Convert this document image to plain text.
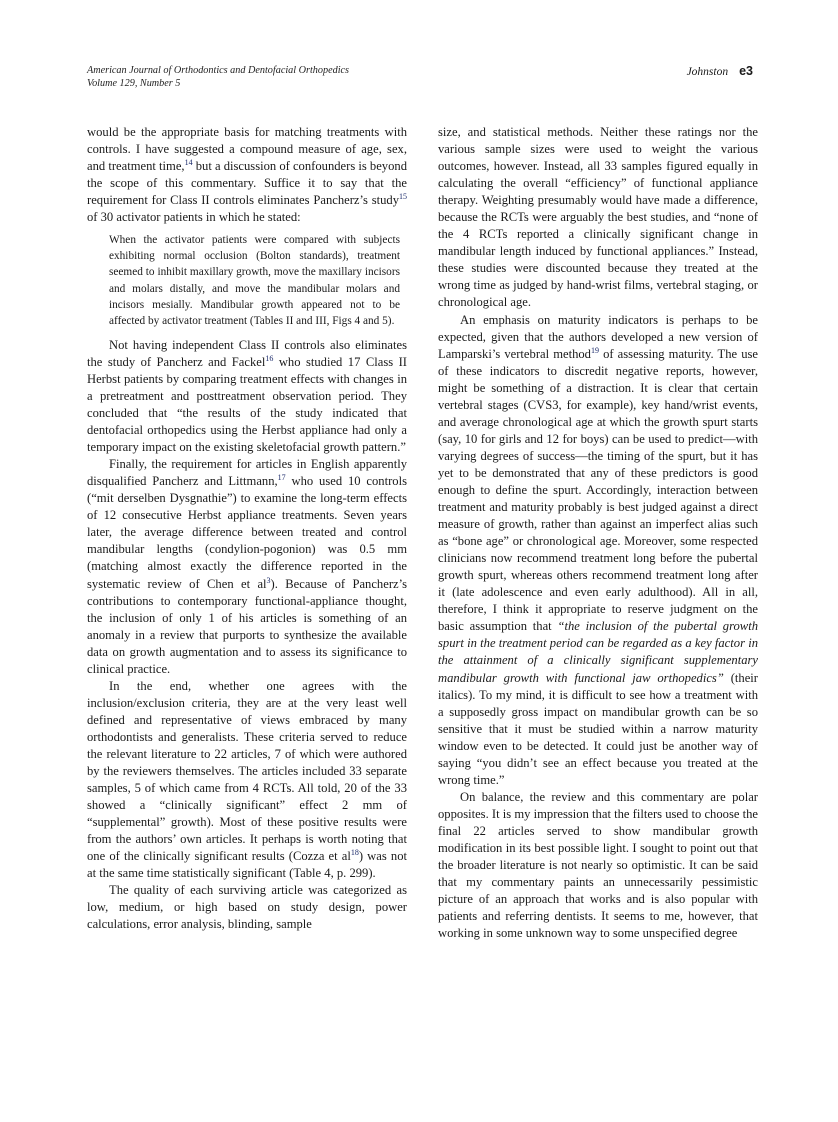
American Journal of Orthodontics and Dentofacial Orthopedics
Volume 129, Number 5
Johnston e3

would be the appropriate basis for matching treatments with controls. I have suggested a compound measure of age, sex, and treatment time,$^{14}$ but a discussion of confounders is beyond the scope of this commentary. Suffice it to say that the requirement for Class II controls eliminates Pancherz’s study$^{15}$ of 30 activator patients in which he stated:

When the activator patients were compared with subjects exhibiting normal occlusion (Bolton standards), treatment seemed to inhibit maxillary growth, move the maxillary incisors and molars distally, and move the mandibular molars and incisors mesially. Mandibular growth appeared not to be affected by activator treatment (Tables II and III, Figs 4 and 5).

Not having independent Class II controls also eliminates the study of Pancherz and Fackel$^{16}$ who studied 17 Class II Herbst patients by comparing treatment effects with changes in a pretreatment and posttreatment observation period. They concluded that “the results of the study indicated that dentofacial orthopedics using the Herbst appliance had only a temporary impact on the existing skeletofacial growth pattern.”

Finally, the requirement for articles in English apparently disqualified Pancherz and Littmann,$^{17}$ who used 10 controls (“mit derselben Dysgnathie”) to examine the long-term effects of 12 consecutive Herbst appliance treatments. Seven years later, the average difference between treated and control mandibular lengths (condylion-pogonion) was 0.5 mm (matching almost exactly the difference reported in the systematic review of Chen et $al^3$). Because of Pancherz’s contributions to contemporary functional-appliance thought, the inclusion of only 1 of his articles is something of an anomaly in a review that purports to synthesize the available data on growth augmentation and to assess its significance to clinical practice.

In the end, whether one agrees with the inclusion/exclusion criteria, they are at the very least well defined and representative of views embraced by many orthodontists and generalists. These criteria served to reduce the relevant literature to 22 articles, 7 of which were authored by the reviewers themselves. The articles included 33 separate samples, 5 of which came from 4 RCTs. All told, 20 of the 33 showed a “clinically significant” effect 2 mm of “supplemental” growth). Most of these positive results were from the authors’ own articles. It perhaps is worth noting that one of the clinically significant results (Cozza et $al^{18}$) was not at the same time statistically significant (Table 4, p. 299).

The quality of each surviving article was categorized as low, medium, or high based on study design, power calculations, error analysis, blinding, sample

size, and statistical methods. Neither these ratings nor the various sample sizes were used to weight the various outcomes, however. Instead, all 33 samples figured equally in calculating the overall “efficiency” of functional appliance therapy. Weighting presumably would have made a difference, because the RCTs were arguably the best studies, and “none of the 4 RCTs reported a clinically significant change in mandibular length induced by functional appliances.” Instead, these studies were discounted because they treated at the wrong time as judged by hand-wrist films, vertebral staging, or chronological age.

An emphasis on maturity indicators is perhaps to be expected, given that the authors developed a new version of Lamparski’s vertebral method$^{19}$ of assessing maturity. The use of these indicators to discredit negative reports, however, might be something of a distraction. It is clear that certain vertebral stages (CVS3, for example), key hand/wrist events, and average chronological age at which the growth spurt starts (say, 10 for girls and 12 for boys) can be used to predict—with varying degrees of success—the timing of the spurt, but it has yet to be demonstrated that any of these predictors is good enough to define the spurt. Accordingly, interaction between treatment and maturity probably is best judged against a direct measure of growth, rather than against an imperfect alias such as “bone age” or chronological age. Moreover, some respected clinicians now recommend treatment long before the pubertal growth spurt, whereas others recommend treatment long after it (late adolescence and even early adulthood). All in all, therefore, I think it appropriate to reserve judgment on the basic assumption that “the inclusion of the pubertal growth spurt in the treatment period can be regarded as a key factor in the attainment of a clinically significant supplementary mandibular growth with functional jaw orthopedics” (their italics). To my mind, it is difficult to see how a treatment with a supposedly gross impact on mandibular growth can be so sensitive that it must be studied within a narrow maturity window even to be detected. It could just be another way of saying “you didn’t see an effect because you treated at the wrong time.”

On balance, the review and this commentary are polar opposites. It is my impression that the filters used to choose the final 22 articles served to show mandibular growth modification in its best possible light. I sought to point out that the broader literature is not nearly so optimistic. It can be said that my commentary paints an unnecessarily pessimistic picture of an approach that works and is also popular with patients and referring dentists. It seems to me, however, that working in some unknown way to some unspecified degree
